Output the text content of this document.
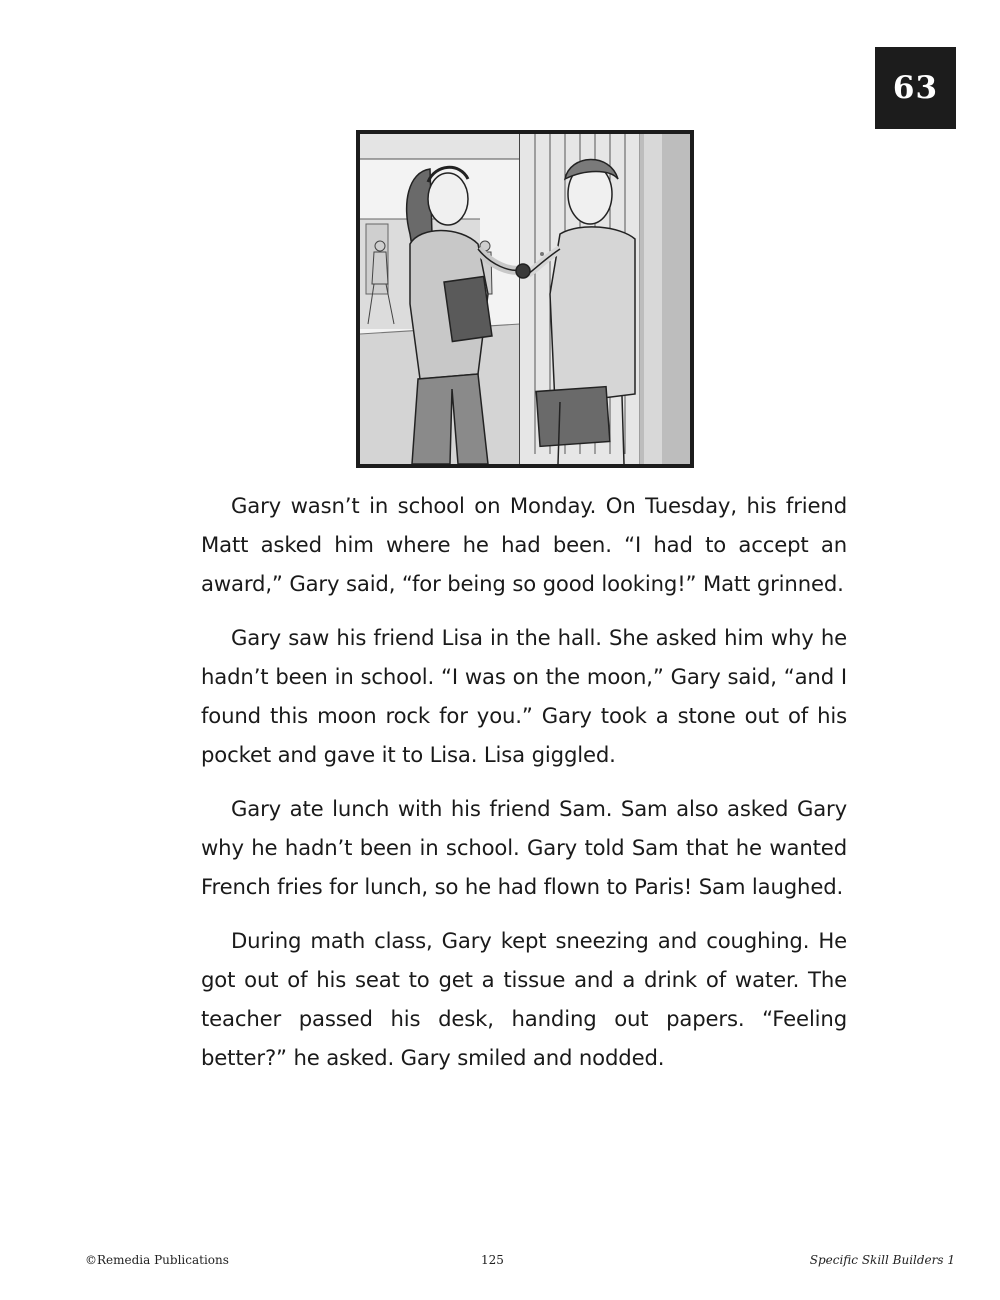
63

Gary wasn’t in school on Monday. On Tuesday, his friend Matt asked him where he had been. “I had to accept an award,” Gary said, “for being so good looking!” Matt grinned.

Gary saw his friend Lisa in the hall. She asked him why he hadn’t been in school. “I was on the moon,” Gary said, “and I found this moon rock for you.” Gary took a stone out of his pocket and gave it to Lisa. Lisa giggled.

Gary ate lunch with his friend Sam. Sam also asked Gary why he hadn’t been in school. Gary told Sam that he wanted French fries for lunch, so he had flown to Paris! Sam laughed.

During math class, Gary kept sneezing and coughing. He got out of his seat to get a tissue and a drink of water. The teacher passed his desk, handing out papers. “Feeling better?” he asked. Gary smiled and nodded.

©Remedia Publications	125	Specific Skill Builders 1
